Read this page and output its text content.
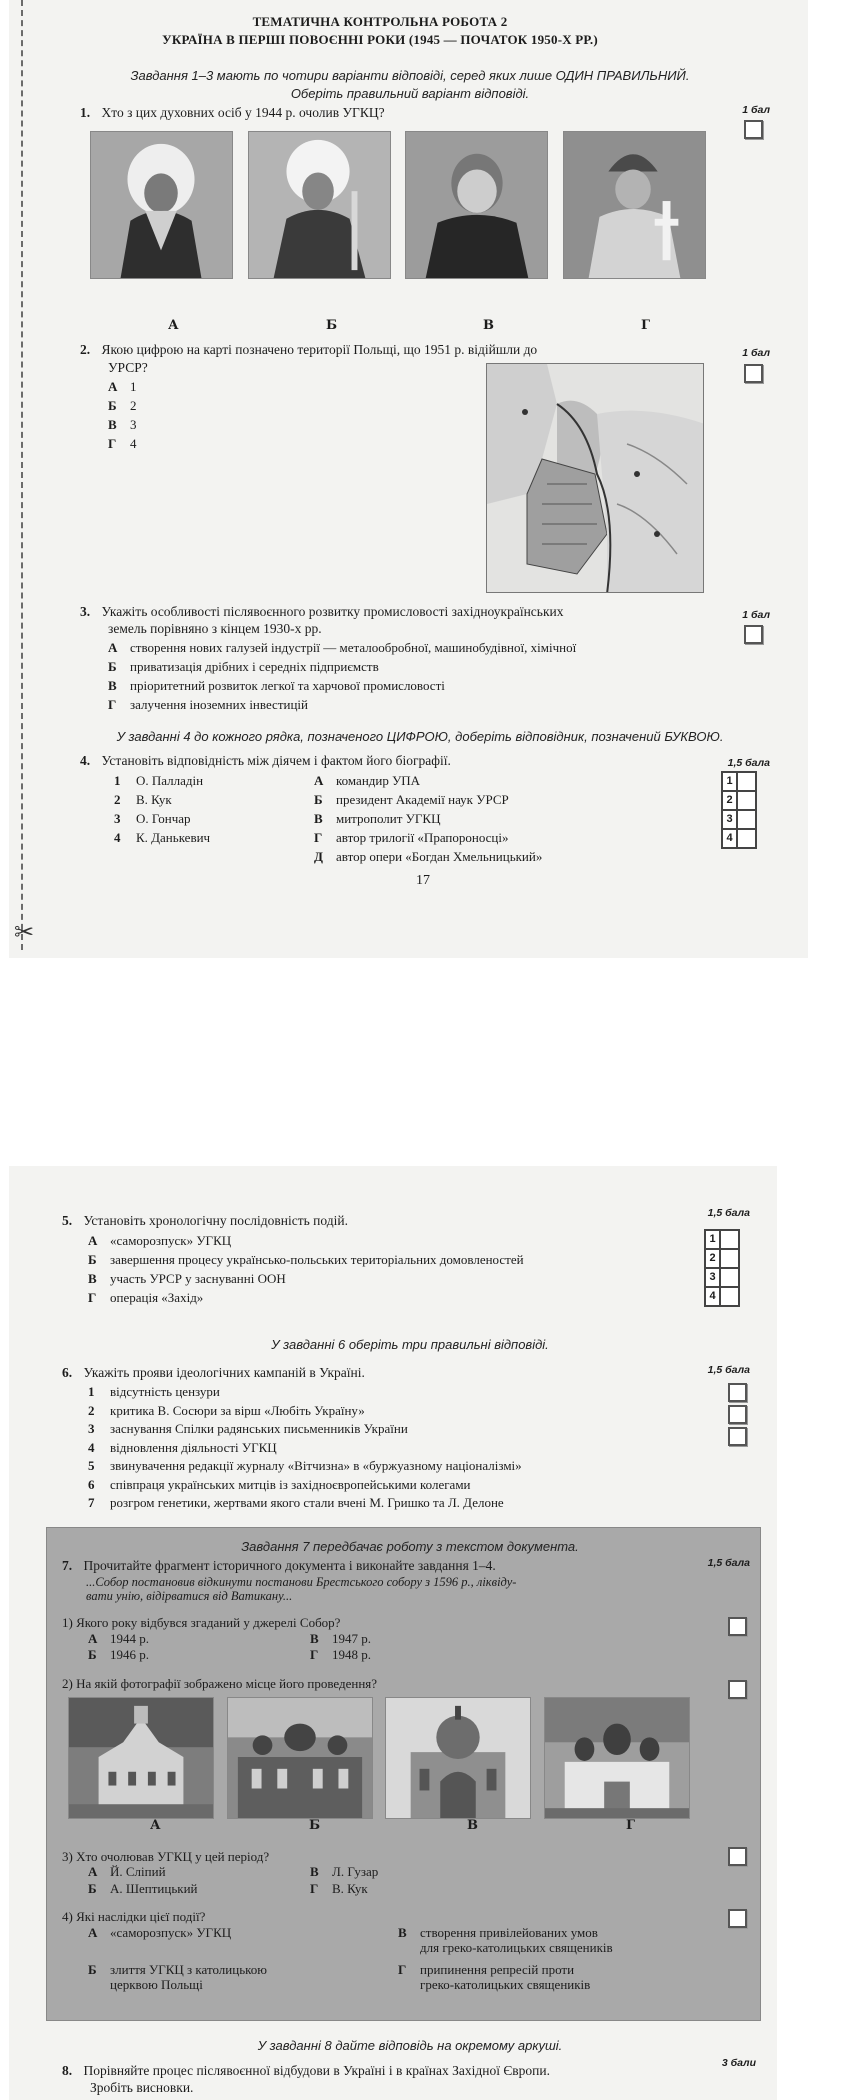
✂
ТЕМАТИЧНА КОНТРОЛЬНА РОБОТА 2
УКРАЇНА В ПЕРШІ ПОВОЄННІ РОКИ (1945 — ПОЧАТОК 1950-Х РР.)
Завдання 1–3 мають по чотири варіанти відповіді, серед яких лише ОДИН ПРАВИЛЬНИЙ.
Оберіть правильний варіант відповіді.
1. Хто з цих духовних осіб у 1944 р. очолив УГКЦ?	1 бал
А	Б	В	Г
2. Якою цифрою на карті позначено території Польщі, що 1951 р. відійшли до
УРСР?
1 бал
А 1
Б 2
В 3
Г 4
3. Укажіть особливості післявоєнного розвитку промисловості західноукраїнських
земель порівняно з кінцем 1930-х рр.
1 бал
А створення нових галузей індустрії — металообробної, машинобудівної, хімічної
Б приватизація дрібних і середніх підприємств
В пріоритетний розвиток легкої та харчової промисловості
Г залучення іноземних інвестицій
У завданні 4 до кожного рядка, позначеного ЦИФРОЮ, доберіть відповідник, позначений БУКВОЮ.
4. Установіть відповідність між діячем і фактом його біографії.	1,5 бала
1 О. Палладін
2 В. Кук
3 О. Гончар
4 К. Данькевич
А командир УПА
Б президент Академії наук УРСР
В митрополит УГКЦ
Г автор трилогії «Прапороносці»
Д автор опери «Богдан Хмельницький»
1
2
3
4
17
5. Установіть хронологічну послідовність подій.	1,5 бала
А «саморозпуск» УГКЦ
Б завершення процесу українсько-польських територіальних домовленостей
В участь УРСР у заснуванні ООН
Г операція «Захід»
1
2
3
4
У завданні 6 оберіть три правильні відповіді.
6. Укажіть прояви ідеологічних кампаній в Україні.	1,5 бала
1 відсутність цензури
2 критика В. Сосюри за вірш «Любіть Україну»
3 заснування Спілки радянських письменників України
4 відновлення діяльності УГКЦ
5 звинувачення редакції журналу «Вітчизна» в «буржуазному націоналізмі»
6 співпраця українських митців із західноєвропейськими колегами
7 розгром генетики, жертвами якого стали вчені М. Гришко та Л. Делоне
Завдання 7 передбачає роботу з текстом документа.
7. Прочитайте фрагмент історичного документа і виконайте завдання 1–4.	1,5 бала
...Собор постановив відкинути постанови Брестського собору з 1596 р., ліквіду-
вати унію, відірватися від Ватикану...
1) Якого року відбувся згаданий у джерелі Собор?
А 1944 р.	В 1947 р.
Б 1946 р.	Г 1948 р.
2) На якій фотографії зображено місце його проведення?
А	Б	В	Г
3) Хто очолював УГКЦ у цей період?
А Й. Сліпий	В Л. Гузар
Б А. Шептицький	Г В. Кук
4) Які наслідки цієї події?
А «саморозпуск» УГКЦ	В створення привілейованих умов
для греко-католицьких священиків
Б злиття УГКЦ з католицькою
церквою Польщі
Г припинення репресій проти
греко-католицьких священиків
У завданні 8 дайте відповідь на окремому аркуші.
8. Порівняйте процес післявоєнної відбудови в Україні і в країнах Західної Європи.
Зробіть висновки.
3 бали
